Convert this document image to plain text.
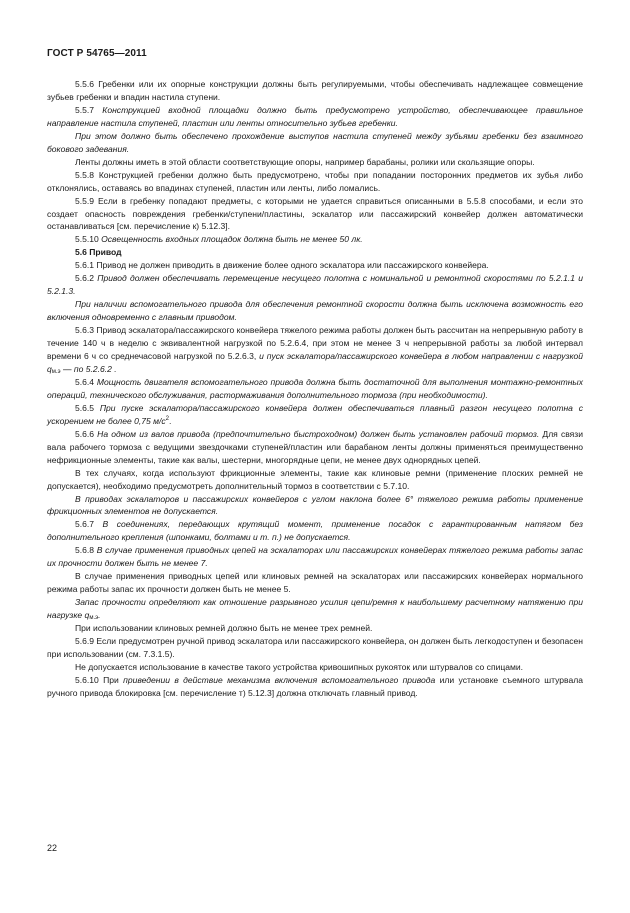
ГОСТ Р 54765—2011

5.5.6 Гребенки или их опорные конструкции должны быть регулируемыми, чтобы обеспечивать надлежащее совмещение зубьев гребенки и впадин настила ступени.

5.5.7 Конструкцией входной площадки должно быть предусмотрено устройство, обеспечивающее правильное направление настила ступеней, пластин или ленты относительно зубьев гребенки.

При этом должно быть обеспечено прохождение выступов настила ступеней между зубьями гребенки без взаимного бокового задевания.

Ленты должны иметь в этой области соответствующие опоры, например барабаны, ролики или скользящие опоры.

5.5.8 Конструкцией гребенки должно быть предусмотрено, чтобы при попадании посторонних предметов их зубья либо отклонялись, оставаясь во впадинах ступеней, пластин или ленты, либо ломались.

5.5.9 Если в гребенку попадают предметы, с которыми не удается справиться описанными в 5.5.8 способами, и если это создает опасность повреждения гребенки/ступени/пластины, эскалатор или пассажирский конвейер должен автоматически останавливаться [см. перечисление к) 5.12.3].

5.5.10 Освещенность входных площадок должна быть не менее 50 лк.

5.6 Привод

5.6.1 Привод не должен приводить в движение более одного эскалатора или пассажирского конвейера.

5.6.2 Привод должен обеспечивать перемещение несущего полотна с номинальной и ремонтной скоростями по 5.2.1.1 и 5.2.1.3.

При наличии вспомогательного привода для обеспечения ремонтной скорости должна быть исключена возможность его включения одновременно с главным приводом.

5.6.3 Привод эскалатора/пассажирского конвейера тяжелого режима работы должен быть рассчитан на непрерывную работу в течение 140 ч в неделю с эквивалентной нагрузкой по 5.2.6.4, при этом не менее 3 ч непрерывной работы за любой интервал времени 6 ч со среднечасовой нагрузкой по 5.2.6.3, и пуск эскалатора/пассажирского конвейера в любом направлении с нагрузкой $q_{м.э}$ — по 5.2.6.2 .

5.6.4 Мощность двигателя вспомогательного привода должна быть достаточной для выполнения монтажно-ремонтных операций, технического обслуживания, растормаживания дополнительного тормоза (при необходимости).

5.6.5 При пуске эскалатора/пассажирского конвейера должен обеспечиваться плавный разгон несущего полотна с ускорением не более 0,75 $м/с^2$.

5.6.6 На одном из валов привода (предпочтительно быстроходном) должен быть установлен рабочий тормоз. Для связи вала рабочего тормоза с ведущими звездочками ступеней/пластин или барабаном ленты должны применяться преимущественно нефрикционные элементы, такие как валы, шестерни, многорядные цепи, не менее двух однорядных цепей.

В тех случаях, когда используют фрикционные элементы, такие как клиновые ремни (применение плоских ремней не допускается), необходимо предусмотреть дополнительный тормоз в соответствии с 5.7.10.

В приводах эскалаторов и пассажирских конвейеров с углом наклона более 6° тяжелого режима работы применение фрикционных элементов не допускается.

5.6.7 В соединениях, передающих крутящий момент, применение посадок с гарантированным натягом без дополнительного крепления (шпонками, болтами и т. п.) не допускается.

5.6.8 В случае применения приводных цепей на эскалаторах или пассажирских конвейерах тяжелого режима работы запас их прочности должен быть не менее 7.

В случае применения приводных цепей или клиновых ремней на эскалаторах или пассажирских конвейерах нормального режима работы запас их прочности должен быть не менее 5.

Запас прочности определяют как отношение разрывного усилия цепи/ремня к наибольшему расчетному натяжению при нагрузке $q_{м.э}$.

При использовании клиновых ремней должно быть не менее трех ремней.

5.6.9 Если предусмотрен ручной привод эскалатора или пассажирского конвейера, он должен быть легкодоступен и безопасен при использовании (см. 7.3.1.5).

Не допускается использование в качестве такого устройства кривошипных рукояток или штурвалов со спицами.

5.6.10 При приведении в действие механизма включения вспомогательного привода или установке съемного штурвала ручного привода блокировка [см. перечисление т) 5.12.3] должна отключать главный привод.

22
